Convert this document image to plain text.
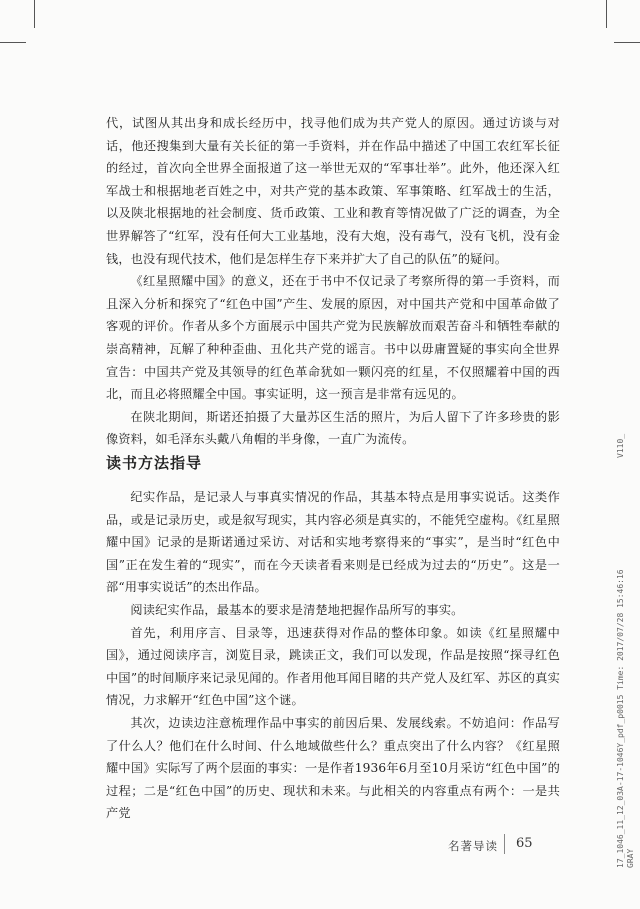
代，试图从其出身和成长经历中，找寻他们成为共产党人的原因。通过访谈与对话，他还搜集到大量有关长征的第一手资料，并在作品中描述了中国工农红军长征的经过，首次向全世界全面报道了这一举世无双的“军事壮举”。此外，他还深入红军战士和根据地老百姓之中，对共产党的基本政策、军事策略、红军战士的生活，以及陕北根据地的社会制度、货币政策、工业和教育等情况做了广泛的调查，为全世界解答了“红军，没有任何大工业基地，没有大炮，没有毒气，没有飞机，没有金钱，也没有现代技术，他们是怎样生存下来并扩大了自己的队伍”的疑问。

《红星照耀中国》的意义，还在于书中不仅记录了考察所得的第一手资料，而且深入分析和探究了“红色中国”产生、发展的原因，对中国共产党和中国革命做了客观的评价。作者从多个方面展示中国共产党为民族解放而艰苦奋斗和牺牲奉献的崇高精神，瓦解了种种歪曲、丑化共产党的谣言。书中以毋庸置疑的事实向全世界宣告：中国共产党及其领导的红色革命犹如一颗闪亮的红星，不仅照耀着中国的西北，而且必将照耀全中国。事实证明，这一预言是非常有远见的。

在陕北期间，斯诺还拍摄了大量苏区生活的照片，为后人留下了许多珍贵的影像资料，如毛泽东头戴八角帽的半身像，一直广为流传。

读书方法指导

纪实作品，是记录人与事真实情况的作品，其基本特点是用事实说话。这类作品，或是记录历史，或是叙写现实，其内容必须是真实的，不能凭空虚构。《红星照耀中国》记录的是斯诺通过采访、对话和实地考察得来的“事实”，是当时“红色中国”正在发生着的“现实”，而在今天读者看来则是已经成为过去的“历史”。这是一部“用事实说话”的杰出作品。

阅读纪实作品，最基本的要求是清楚地把握作品所写的事实。

首先，利用序言、目录等，迅速获得对作品的整体印象。如读《红星照耀中国》，通过阅读序言，浏览目录，跳读正文，我们可以发现，作品是按照“探寻红色中国”的时间顺序来记录见闻的。作者用他耳闻目睹的共产党人及红军、苏区的真实情况，力求解开“红色中国”这个谜。

其次，边读边注意梳理作品中事实的前因后果、发展线索。不妨追问：作品写了什么人？他们在什么时间、什么地域做些什么？重点突出了什么内容？《红星照耀中国》实际写了两个层面的事实：一是作者1936年6月至10月采访“红色中国”的过程；二是“红色中国”的历史、现状和未来。与此相关的内容重点有两个：一是共产党

名著导读 65
V110_
17_1046_11_12_03A-17-1046Y_pdf_p0015 Time: 2017/07/28 15:46:16 GRAY
